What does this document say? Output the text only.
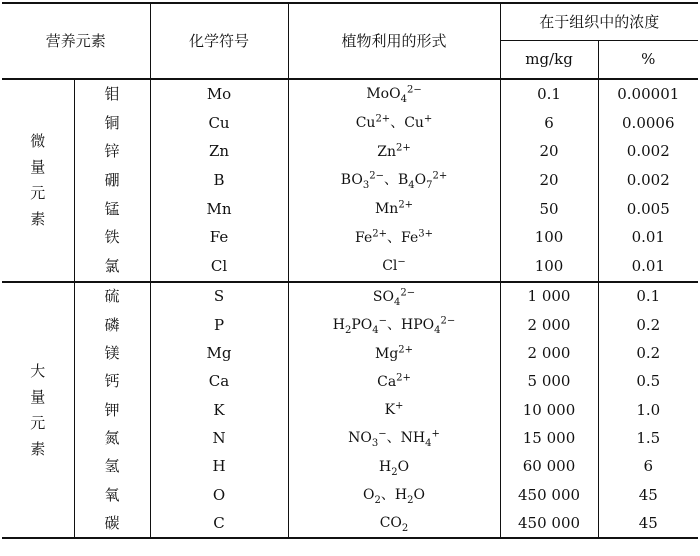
营养元素		化学符号	植物利用的形式	在于组织中的浓度	
				mg/kg	%

微
量
元
素	钼	Mo	MoO$_4^{2-}$	0.1	0.00001
	铜	Cu	$Cu^{2+}$、Cu+	6	0.0006
	锌	Zn	$Zn^{2+}$	20	0.002
	硼	B	$BO_3^{2-}$、$B_4O_7^{2+}$	20	0.002
	锰	Mn	$Mn^{2+}$	50	0.005
	铁	Fe	$Fe^{2+}$、$Fe^{3+}$	100	0.01
	氯	Cl	Cl−	100	0.01

大
量
元
素	硫	S	$SO_4^{2-}$	1 000	0.1
	磷	P	$H_2PO_4^-$、$HPO_4^{2-}$	2 000	0.2
	镁	Mg	$Mg^{2+}$	2 000	0.2
	钙	Ca	$Ca^{2+}$	5 000	0.5
	钾	K	K+	10 000	1.0
	氮	N	$NO_3^-$、$NH_4^+$	15 000	1.5
	氢	H	$H_2O$	60 000	6
	氧	O	$O_2$、$H_2O$	450 000	45
	碳	C	$CO_2$	450 000	45
